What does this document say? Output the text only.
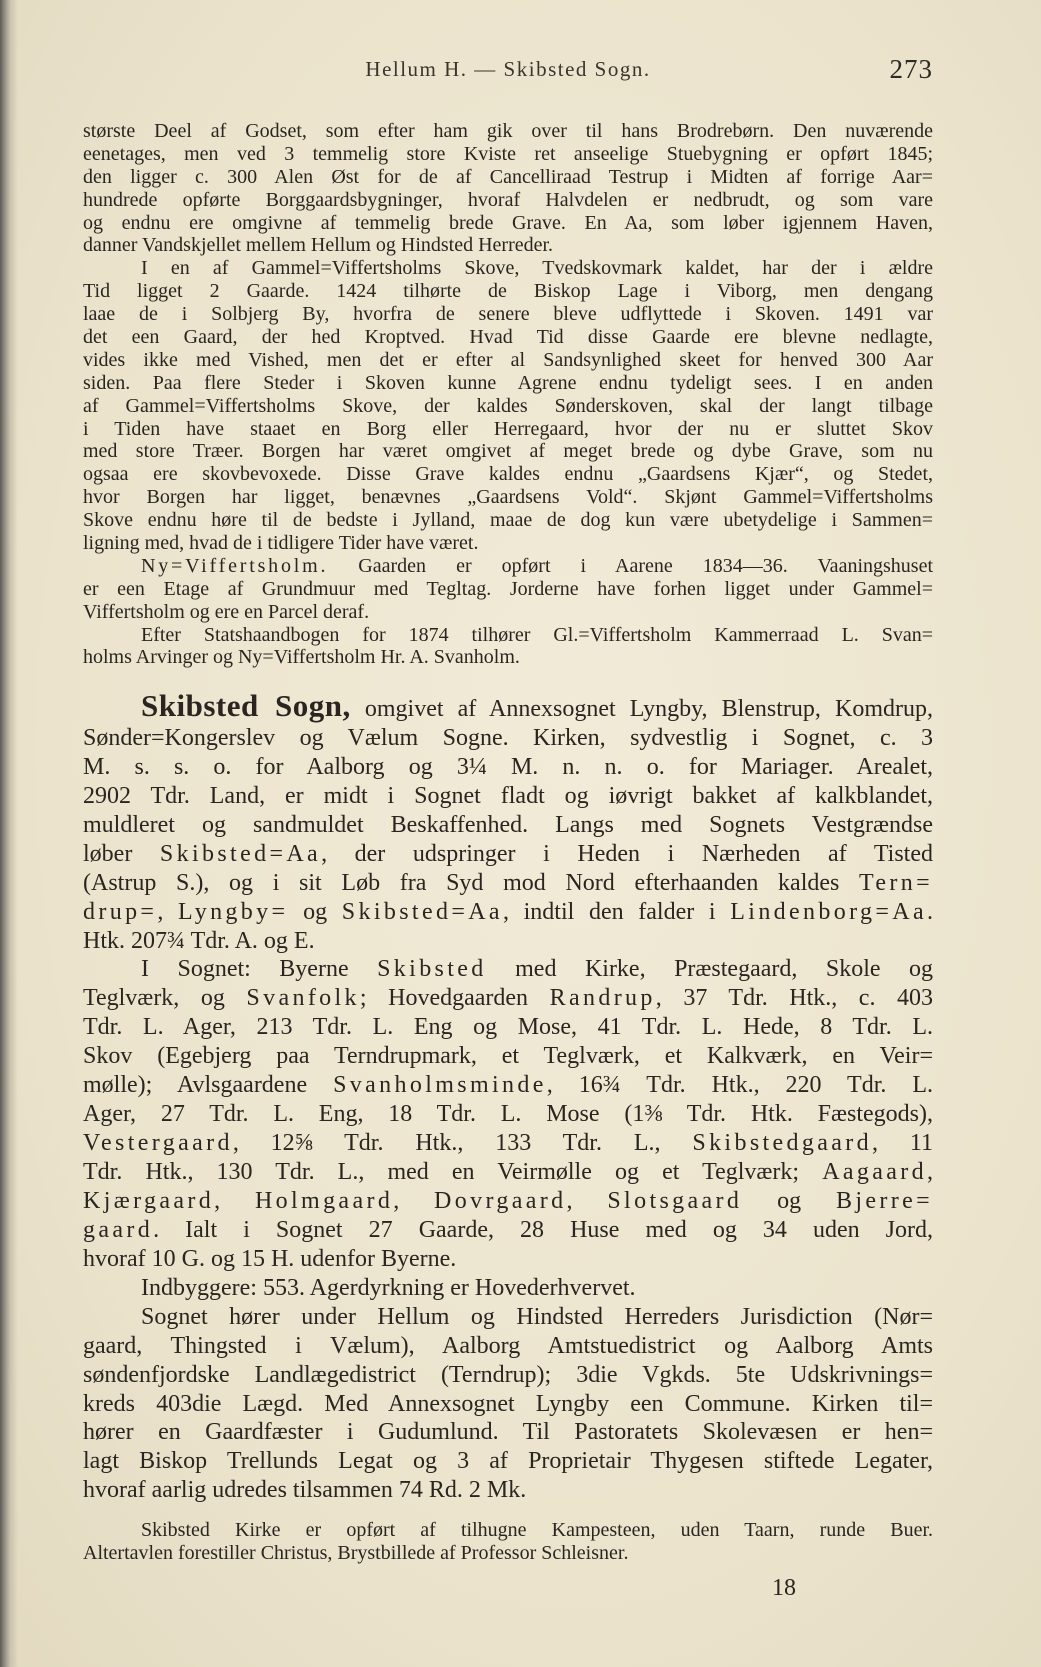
Hellum H. — Skibsted Sogn.	273
største Deel af Godset, som efter ham gik over til hans Brodrebørn. Den nuværende
eenetages, men ved 3 temmelig store Kviste ret anseelige Stuebygning er opført 1845;
den ligger c. 300 Alen Øst for de af Cancelliraad Testrup i Midten af forrige Aar=
hundrede opførte Borggaardsbygninger, hvoraf Halvdelen er nedbrudt, og som vare
og endnu ere omgivne af temmelig brede Grave. En Aa, som løber igjennem Haven,
danner Vandskjellet mellem Hellum og Hindsted Herreder.
I en af Gammel=Viffertsholms Skove, Tvedskovmark kaldet, har der i ældre
Tid ligget 2 Gaarde. 1424 tilhørte de Biskop Lage i Viborg, men dengang
laae de i Solbjerg By, hvorfra de senere bleve udflyttede i Skoven. 1491 var
det een Gaard, der hed Kroptved. Hvad Tid disse Gaarde ere blevne nedlagte,
vides ikke med Vished, men det er efter al Sandsynlighed skeet for henved 300 Aar
siden. Paa flere Steder i Skoven kunne Agrene endnu tydeligt sees. I en anden
af Gammel=Viffertsholms Skove, der kaldes Sønderskoven, skal der langt tilbage
i Tiden have staaet en Borg eller Herregaard, hvor der nu er sluttet Skov
med store Træer. Borgen har været omgivet af meget brede og dybe Grave, som nu
ogsaa ere skovbevoxede. Disse Grave kaldes endnu „Gaardsens Kjær“, og Stedet,
hvor Borgen har ligget, benævnes „Gaardsens Vold“. Skjønt Gammel=Viffertsholms
Skove endnu høre til de bedste i Jylland, maae de dog kun være ubetydelige i Sammen=
ligning med, hvad de i tidligere Tider have været.
Ny=Viffertsholm. Gaarden er opført i Aarene 1834—36. Vaaningshuset
er een Etage af Grundmuur med Tegltag. Jorderne have forhen ligget under Gammel=
Viffertsholm og ere en Parcel deraf.
Efter Statshaandbogen for 1874 tilhører Gl.=Viffertsholm Kammerraad L. Svan=
holms Arvinger og Ny=Viffertsholm Hr. A. Svanholm.
Skibsted Sogn, omgivet af Annexsognet Lyngby, Blenstrup, Komdrup,
Sønder=Kongerslev og Vælum Sogne. Kirken, sydvestlig i Sognet, c. 3
M. s. s. o. for Aalborg og 3¼ M. n. n. o. for Mariager. Arealet,
2902 Tdr. Land, er midt i Sognet fladt og iøvrigt bakket af kalkblandet,
muldleret og sandmuldet Beskaffenhed. Langs med Sognets Vestgrændse
løber Skibsted=Aa, der udspringer i Heden i Nærheden af Tisted
(Astrup S.), og i sit Løb fra Syd mod Nord efterhaanden kaldes Tern=
drup=, Lyngby= og Skibsted=Aa, indtil den falder i Lindenborg=Aa.
Htk. 207¾ Tdr. A. og E.
I Sognet: Byerne Skibsted med Kirke, Præstegaard, Skole og
Teglværk, og Svanfolk; Hovedgaarden Randrup, 37 Tdr. Htk., c. 403
Tdr. L. Ager, 213 Tdr. L. Eng og Mose, 41 Tdr. L. Hede, 8 Tdr. L.
Skov (Egebjerg paa Terndrupmark, et Teglværk, et Kalkværk, en Veir=
mølle); Avlsgaardene Svanholmsminde, 16¾ Tdr. Htk., 220 Tdr. L.
Ager, 27 Tdr. L. Eng, 18 Tdr. L. Mose (1⅜ Tdr. Htk. Fæstegods),
Vestergaard, 12⅝ Tdr. Htk., 133 Tdr. L., Skibstedgaard, 11
Tdr. Htk., 130 Tdr. L., med en Veirmølle og et Teglværk; Aagaard,
Kjærgaard, Holmgaard, Dovrgaard, Slotsgaard og Bjerre=
gaard. Ialt i Sognet 27 Gaarde, 28 Huse med og 34 uden Jord,
hvoraf 10 G. og 15 H. udenfor Byerne.
Indbyggere: 553. Agerdyrkning er Hovederhvervet.
Sognet hører under Hellum og Hindsted Herreders Jurisdiction (Nør=
gaard, Thingsted i Vælum), Aalborg Amtstuedistrict og Aalborg Amts
søndenfjordske Landlægedistrict (Terndrup); 3die Vgkds. 5te Udskrivnings=
kreds 403die Lægd. Med Annexsognet Lyngby een Commune. Kirken til=
hører en Gaardfæster i Gudumlund. Til Pastoratets Skolevæsen er hen=
lagt Biskop Trellunds Legat og 3 af Proprietair Thygesen stiftede Legater,
hvoraf aarlig udredes tilsammen 74 Rd. 2 Mk.
Skibsted Kirke er opført af tilhugne Kampesteen, uden Taarn, runde Buer.
Altertavlen forestiller Christus, Brystbillede af Professor Schleisner.
18
